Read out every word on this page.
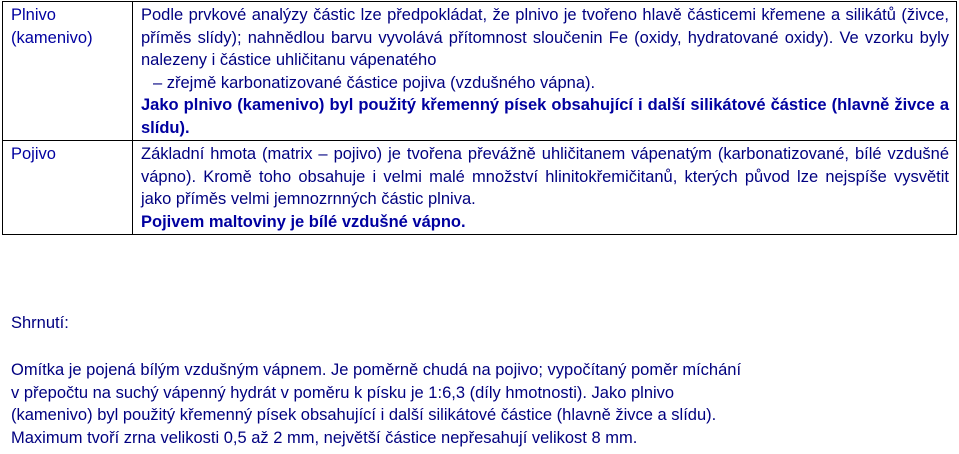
Plnivo
(kamenivo)	Podle prvkové analýzy částic lze předpokládat, že plnivo je tvořeno hlavě částicemi křemene a silikátů (živce, příměs slídy); nahnědlou barvu vyvolává přítomnost sloučenin Fe (oxidy, hydratované oxidy). Ve vzorku byly nalezeny i částice uhličitanu vápenatého
– zřejmě karbonatizované částice pojiva (vzdušného vápna).
Jako plnivo (kamenivo) byl použitý křemenný písek obsahující i další silikátové částice (hlavně živce a slídu).
Pojivo	Základní hmota (matrix – pojivo) je tvořena převážně uhličitanem vápenatým (karbonatizované, bílé vzdušné vápno). Kromě toho obsahuje i velmi malé množství hlinitokřemičitanů, kterých původ lze nejspíše vysvětit jako příměs velmi jemnozrnných částic plniva.
Pojivem maltoviny je bílé vzdušné vápno.
Shrnutí:
Omítka je pojená bílým vzdušným vápnem. Je poměrně chudá na pojivo; vypočítaný poměr míchání
v přepočtu na suchý vápenný hydrát v poměru k písku je 1:6,3 (díly hmotnosti). Jako plnivo
(kamenivo) byl použitý křemenný písek obsahující i další silikátové částice (hlavně živce a slídu).
Maximum tvoří zrna velikosti 0,5 až 2 mm, největší částice nepřesahují velikost 8 mm.
